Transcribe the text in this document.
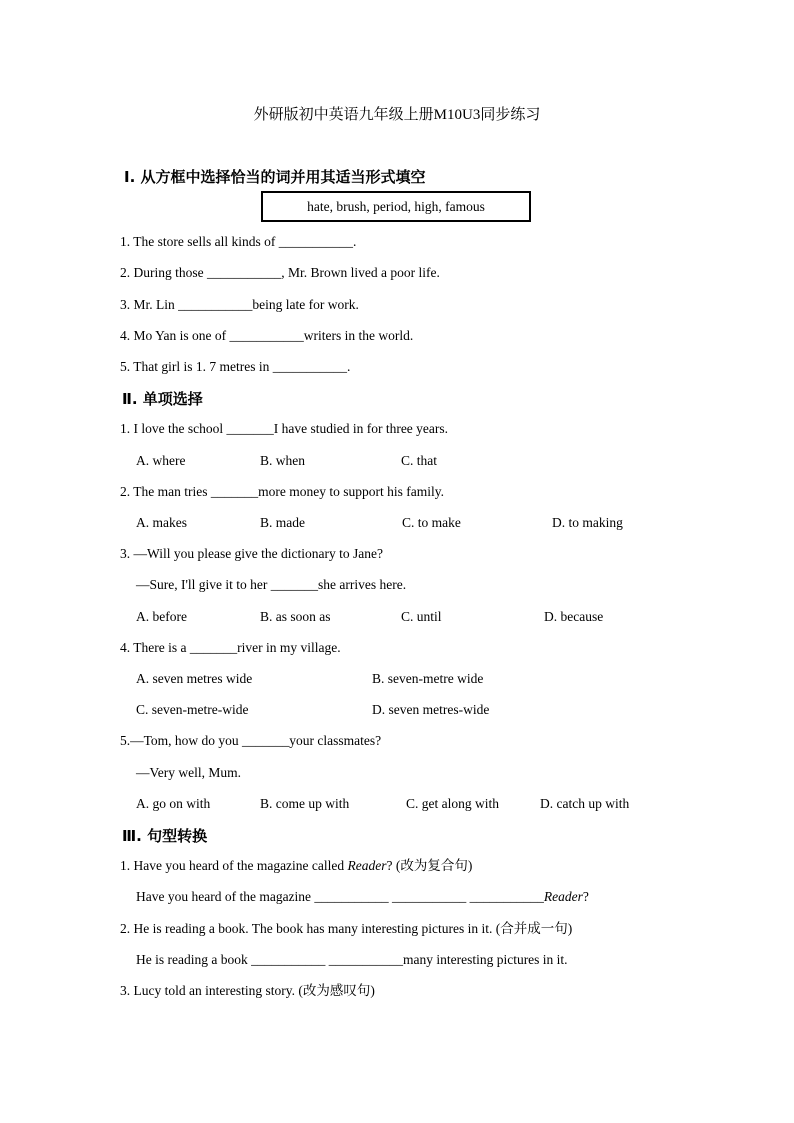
外研版初中英语九年级上册M10U3同步练习
Ⅰ. 从方框中选择恰当的词并用其适当形式填空
hate, brush, period, high, famous
1. The store sells all kinds of ___________.
2. During those ___________, Mr. Brown lived a poor life.
3. Mr. Lin ___________being late for work.
4. Mo Yan is one of ___________writers in the world.
5. That girl is 1. 7 metres in ___________.
Ⅱ. 单项选择
1. I love the school _______I have studied in for three years.
A. where	B. when	C. that
2. The man tries _______more money to support his family.
A. makes	B. made	C. to make	D. to making
3. —Will you please give the dictionary to Jane?
—Sure, I'll give it to her _______she arrives here.
A. before	B. as soon as	C. until	D. because
4. There is a _______river in my village.
A. seven metres wide	B. seven-metre wide
C. seven-metre-wide	D. seven metres-wide
5.—Tom, how do you _______your classmates?
—Very well, Mum.
A. go on with	B. come up with	C. get along with	D. catch up with
Ⅲ. 句型转换
1. Have you heard of the magazine called Reader? (改为复合句)
Have you heard of the magazine ___________ ___________ ___________Reader?
2. He is reading a book. The book has many interesting pictures in it. (合并成一句)
He is reading a book ___________ ___________many interesting pictures in it.
3. Lucy told an interesting story. (改为感叹句)
